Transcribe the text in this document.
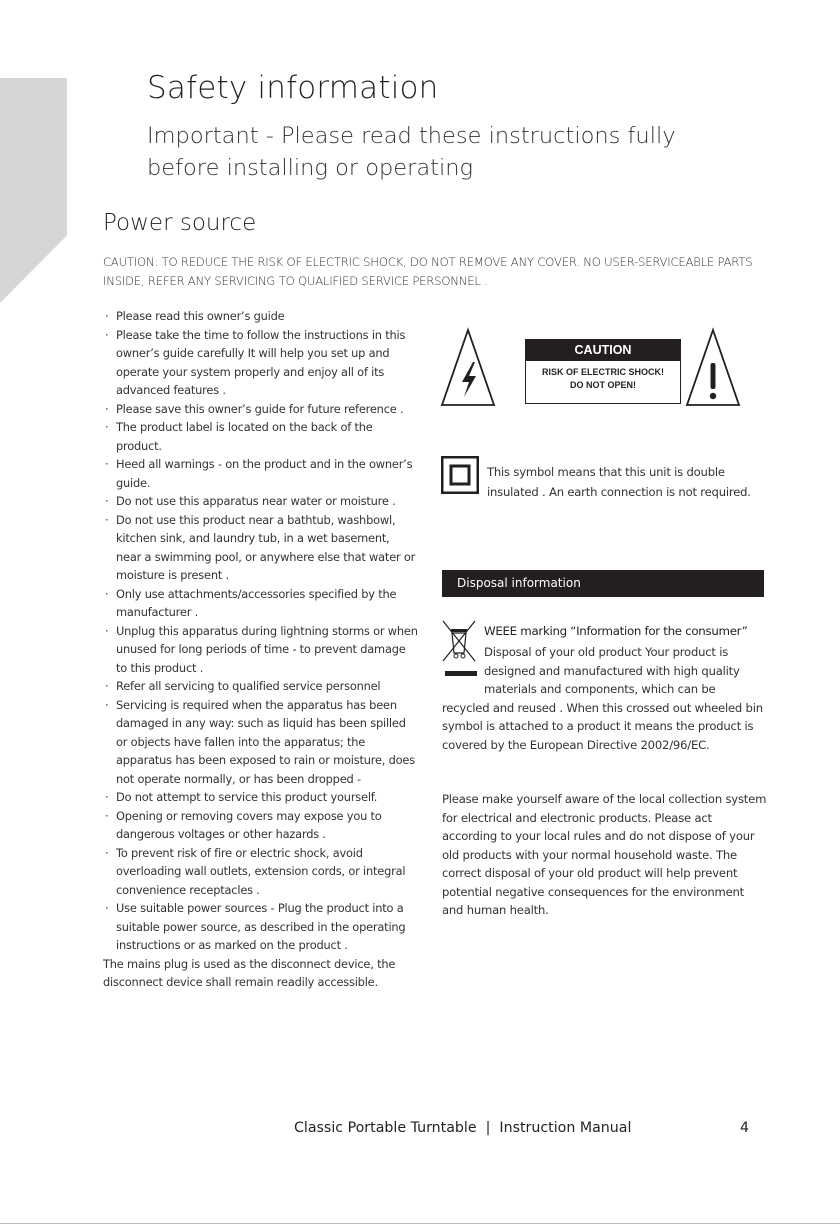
Safety information

Important - Please read these instructions fully before installing or operating

Power source
CAUTION: TO REDUCE THE RISK OF ELECTRIC SHOCK, DO NOT REMOVE ANY COVER. NO USER-SERVICEABLE PARTS INSIDE, REFER ANY SERVICING TO QUALIFIED SERVICE PERSONNEL .
· Please read this owner’s guide
· Please take the time to follow the instructions in this owner’s guide carefully It will help you set up and operate your system properly and enjoy all of its advanced features .
· Please save this owner’s guide for future reference .
· The product label is located on the back of the product.
· Heed all warnings - on the product and in the owner’s guide.
· Do not use this apparatus near water or moisture .
· Do not use this product near a bathtub, washbowl, kitchen sink, and laundry tub, in a wet basement, near a swimming pool, or anywhere else that water or moisture is present .
· Only use attachments/accessories specified by the manufacturer .
· Unplug this apparatus during lightning storms or when unused for long periods of time - to prevent damage to this product .
· Refer all servicing to qualified service personnel
· Servicing is required when the apparatus has been damaged in any way: such as liquid has been spilled or objects have fallen into the apparatus; the apparatus has been exposed to rain or moisture, does not operate normally, or has been dropped -
· Do not attempt to service this product yourself.
· Opening or removing covers may expose you to dangerous voltages or other hazards .
· To prevent risk of fire or electric shock, avoid overloading wall outlets, extension cords, or integral convenience receptacles .
· Use suitable power sources - Plug the product into a suitable power source, as described in the operating instructions or as marked on the product .
The mains plug is used as the disconnect device, the disconnect device shall remain readily accessible.
CAUTION
RISK OF ELECTRIC SHOCK!
DO NOT OPEN!
This symbol means that this unit is double insulated . An earth connection is not required.
Disposal information
WEEE marking “Information for the consumer”
Disposal of your old product Your product is
designed and manufactured with high quality
materials and components, which can be
recycled and reused . When this crossed out wheeled bin symbol is attached to a product it means the product is covered by the European Directive 2002/96/EC.
Please make yourself aware of the local collection system for electrical and electronic products. Please act according to your local rules and do not dispose of your old products with your normal household waste. The correct disposal of your old product will help prevent potential negative consequences for the environment and human health.
Classic Portable Turntable  |  Instruction Manual	4
